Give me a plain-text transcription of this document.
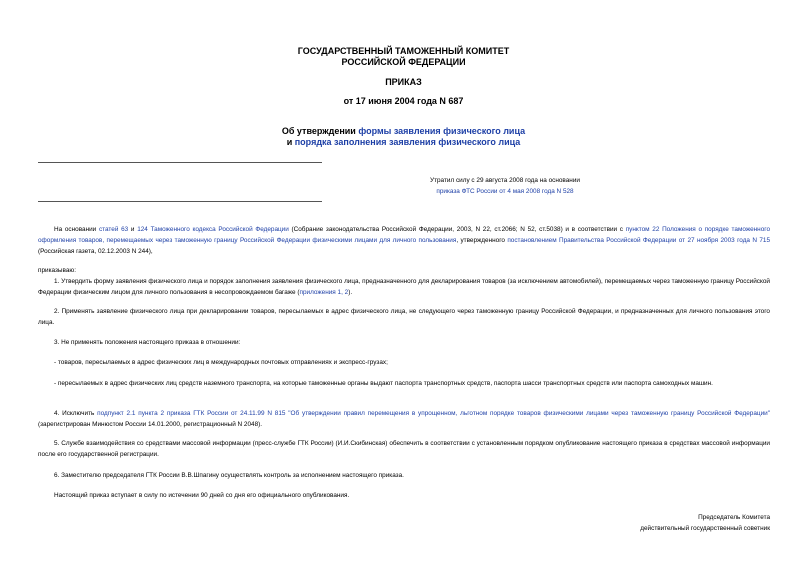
ГОСУДАРСТВЕННЫЙ ТАМОЖЕННЫЙ КОМИТЕТ
РОССИЙСКОЙ ФЕДЕРАЦИИ
ПРИКАЗ
от 17 июня 2004 года N 687
Об утверждении формы заявления физического лица
и порядка заполнения заявления физического лица
Утратил силу с 29 августа 2008 года на основании
приказа ФТС России от 4 мая 2008 года N 528
На основании статей 63 и 124 Таможенного кодекса Российской Федерации (Собрание законодательства Российской Федерации, 2003, N 22, ст.2066; N 52, ст.5038) и в соответствии с пунктом 22 Положения о порядке таможенного оформления товаров, перемещаемых через таможенную границу Российской Федерации физическими лицами для личного пользования, утвержденного постановлением Правительства Российской Федерации от 27 ноября 2003 года N 715 (Российская газета, 02.12.2003 N 244),
приказываю:
1. Утвердить форму заявления физического лица и порядок заполнения заявления физического лица, предназначенного для декларирования товаров (за исключением автомобилей), перемещаемых через таможенную границу Российской Федерации физическим лицом для личного пользования в несопровождаемом багаже (приложения 1, 2).
2. Применять заявление физического лица при декларировании товаров, пересылаемых в адрес физического лица, не следующего через таможенную границу Российской Федерации, и предназначенных для личного пользования этого лица.
3. Не применять положения настоящего приказа в отношении:
- товаров, пересылаемых в адрес физических лиц в международных почтовых отправлениях и экспресс-грузах;
- пересылаемых в адрес физических лиц средств наземного транспорта, на которые таможенные органы выдают паспорта транспортных средств, паспорта шасси транспортных средств или паспорта самоходных машин.
4. Исключить подпункт 2.1 пункта 2 приказа ГТК России от 24.11.99 N 815 "Об утверждении правил перемещения в упрощенном, льготном порядке товаров физическими лицами через таможенную границу Российской Федерации" (зарегистрирован Минюстом России 14.01.2000, регистрационный N 2048).
5. Службе взаимодействия со средствами массовой информации (пресс-службе ГТК России) (И.И.Скибинская) обеспечить в соответствии с установленным порядком опубликование настоящего приказа в средствах массовой информации после его государственной регистрации.
6. Заместителю председателя ГТК России В.В.Шпагину осуществлять контроль за исполнением настоящего приказа.
Настоящий приказ вступает в силу по истечении 90 дней со дня его официального опубликования.
Председатель Комитета
действительный государственный советник
